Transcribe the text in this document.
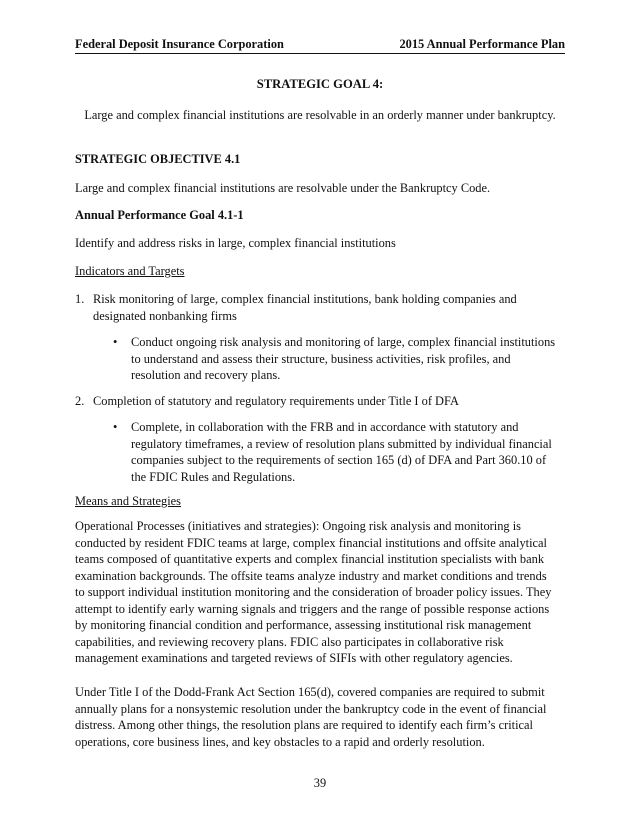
Federal Deposit Insurance Corporation	2015 Annual Performance Plan
STRATEGIC GOAL 4:
Large and complex financial institutions are resolvable in an orderly manner under bankruptcy.
STRATEGIC OBJECTIVE 4.1
Large and complex financial institutions are resolvable under the Bankruptcy Code.
Annual Performance Goal 4.1-1
Identify and address risks in large, complex financial institutions
Indicators and Targets
1. Risk monitoring of large, complex financial institutions, bank holding companies and
designated nonbanking firms
• Conduct ongoing risk analysis and monitoring of large, complex financial institutions
to understand and assess their structure, business activities, risk profiles, and
resolution and recovery plans.
2. Completion of statutory and regulatory requirements under Title I of DFA
• Complete, in collaboration with the FRB and in accordance with statutory and
regulatory timeframes, a review of resolution plans submitted by individual financial
companies subject to the requirements of section 165 (d) of DFA and Part 360.10 of
the FDIC Rules and Regulations.
Means and Strategies
Operational Processes (initiatives and strategies): Ongoing risk analysis and monitoring is
conducted by resident FDIC teams at large, complex financial institutions and offsite analytical
teams composed of quantitative experts and complex financial institution specialists with bank
examination backgrounds. The offsite teams analyze industry and market conditions and trends
to support individual institution monitoring and the consideration of broader policy issues. They
attempt to identify early warning signals and triggers and the range of possible response actions
by monitoring financial condition and performance, assessing institutional risk management
capabilities, and reviewing recovery plans. FDIC also participates in collaborative risk
management examinations and targeted reviews of SIFIs with other regulatory agencies.
Under Title I of the Dodd-Frank Act Section 165(d), covered companies are required to submit
annually plans for a nonsystemic resolution under the bankruptcy code in the event of financial
distress. Among other things, the resolution plans are required to identify each firm’s critical
operations, core business lines, and key obstacles to a rapid and orderly resolution.
39
